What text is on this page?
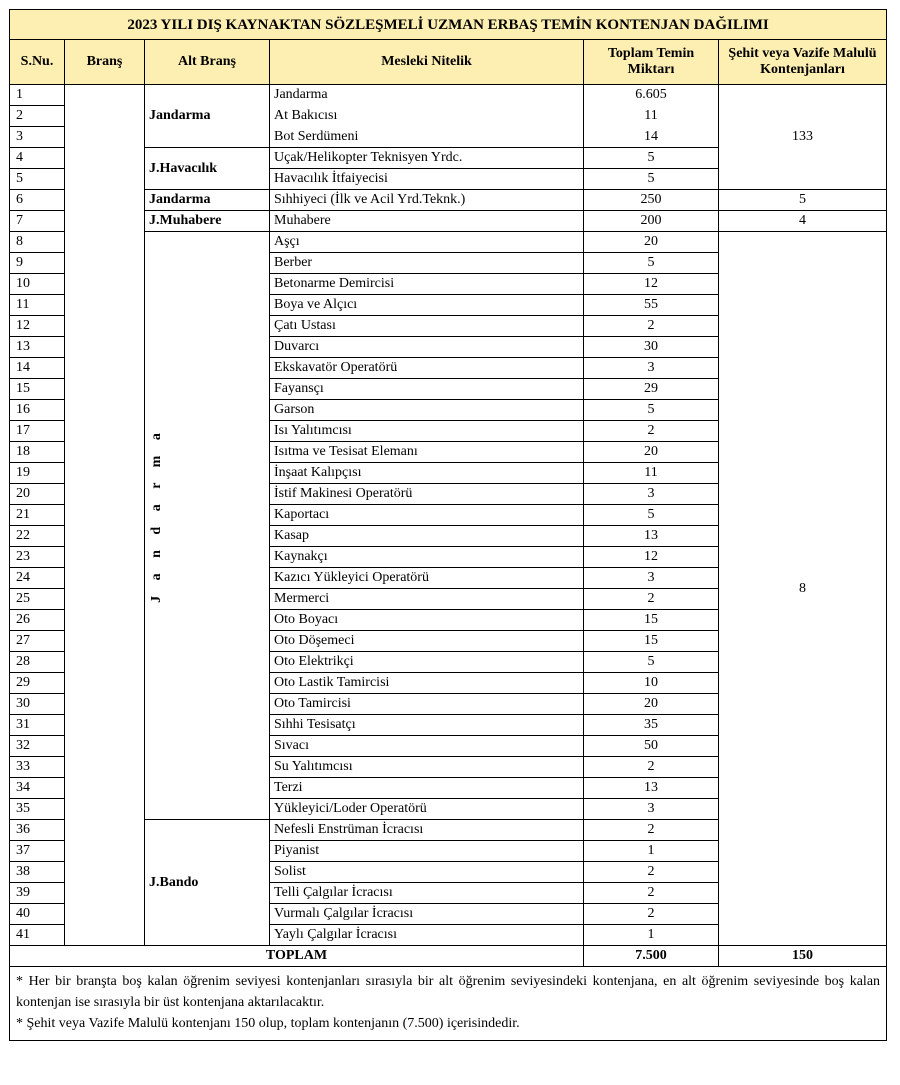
2023 YILI DIŞ KAYNAKTAN SÖZLEŞMELİ UZMAN ERBAŞ TEMİN KONTENJAN DAĞILIMI					
S.Nu.	Branş	Alt Branş	Mesleki Nitelik	Toplam Temin Miktarı	Şehit veya Vazife Malulü Kontenjanları
1	J a n d a r m a	Jandarma	Jandarma	6.605	133
2			At Bakıcısı	11	
3			Bot Serdümeni	14	
4		J.Havacılık	Uçak/Helikopter Teknisyen Yrdc.	5	
5			Havacılık İtfaiyecisi	5	
6		Jandarma	Sıhhiyeci (İlk ve Acil Yrd.Teknk.)	250	5
7		J.Muhabere	Muhabere	200	4
8			Aşçı	20	8
9			Berber	5	
10			Betonarme Demircisi	12	
11			Boya ve Alçıcı	55	
12			Çatı Ustası	2	
13			Duvarcı	30	
14			Ekskavatör Operatörü	3	
15			Fayansçı	29	
16			Garson	5	
17			Isı Yalıtımcısı	2	
18			Isıtma ve Tesisat Elemanı	20	
19			İnşaat Kalıpçısı	11	
20			İstif Makinesi Operatörü	3	
21			Kaportacı	5	
22			Kasap	13	
23			Kaynakçı	12	
24			Kazıcı Yükleyici Operatörü	3	
25			Mermerci	2	
26			Oto Boyacı	15	
27			Oto Döşemeci	15	
28			Oto Elektrikçi	5	
29			Oto Lastik Tamircisi	10	
30			Oto Tamircisi	20	
31			Sıhhi Tesisatçı	35	
32			Sıvacı	50	
33			Su Yalıtımcısı	2	
34			Terzi	13	
35			Yükleyici/Loder Operatörü	3	
36		J.Bando	Nefesli Enstrüman İcracısı	2	
37			Piyanist	1	
38			Solist	2	
39			Telli Çalgılar İcracısı	2	
40			Vurmalı Çalgılar İcracısı	2	
41			Yaylı Çalgılar İcracısı	1	
TOPLAM				7.500	150

* Her bir branşta boş kalan öğrenim seviyesi kontenjanları sırasıyla bir alt öğrenim seviyesindeki kontenjana, en alt öğrenim seviyesinde boş kalan kontenjan ise sırasıyla bir üst kontenjana aktarılacaktır.
* Şehit veya Vazife Malulü kontenjanı 150 olup, toplam kontenjanın (7.500) içerisindedir.					
